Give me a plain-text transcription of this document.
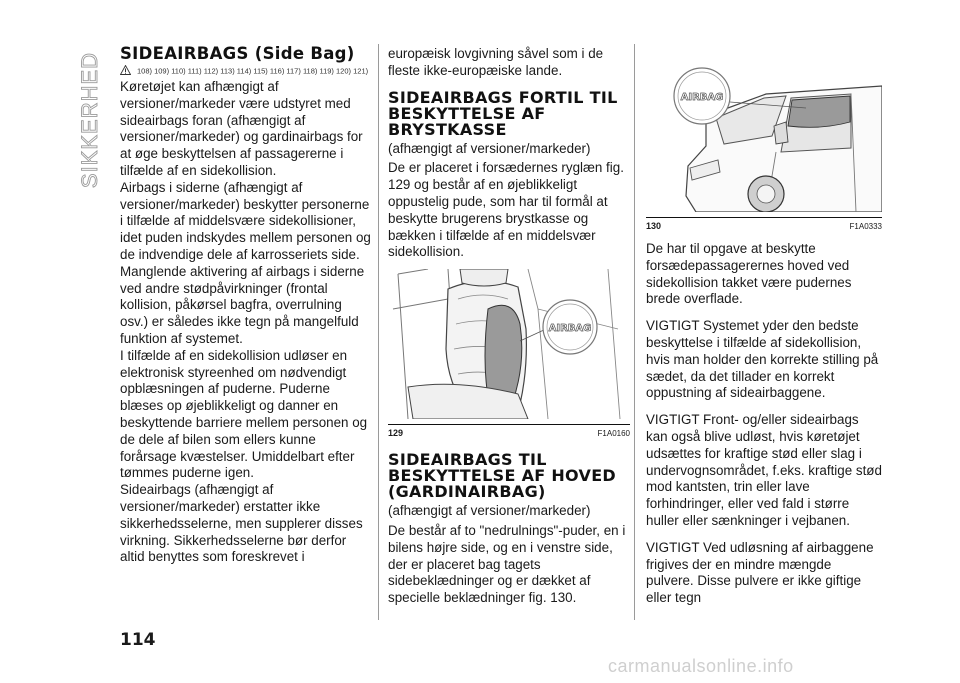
SIKKERHED SIDEAIRBAGS (Side Bag)
108) 109) 110) 111) 112) 113) 114) 115) 116) 117) 118) 119) 120) 121)

Køretøjet kan afhængigt af versioner/markeder være udstyret med sideairbags foran (afhængigt af versioner/markeder) og gardinairbags for at øge beskyttelsen af passagererne i tilfælde af en sidekollision.

Airbags i siderne (afhængigt af versioner/markeder) beskytter personerne i tilfælde af middelsvære sidekollisioner, idet puden indskydes mellem personen og de indvendige dele af karrosseriets side. Manglende aktivering af airbags i siderne ved andre stødpåvirkninger (frontal kollision, påkørsel bagfra, overrulning osv.) er således ikke tegn på mangelfuld funktion af systemet.

I tilfælde af en sidekollision udløser en elektronisk styreenhed om nødvendigt opblæsningen af puderne. Puderne blæses op øjeblikkeligt og danner en beskyttende barriere mellem personen og de dele af bilen som ellers kunne forårsage kvæstelser. Umiddelbart efter tømmes puderne igen.

Sideairbags (afhængigt af versioner/markeder) erstatter ikke sikkerhedsselerne, men supplerer disses virkning. Sikkerhedsselerne bør derfor altid benyttes som foreskrevet i

europæisk lovgivning såvel som i de fleste ikke-europæiske lande.

SIDEAIRBAGS FORTIL TIL BESKYTTELSE AF BRYSTKASSE

(afhængigt af versioner/markeder)

De er placeret i forsædernes ryglæn fig. 129 og består af en øjeblikkeligt oppustelig pude, som har til formål at beskytte brugerens brystkasse og bækken i tilfælde af en middelsvær sidekollision.

AIRBAG
129	F1A0160
SIDEAIRBAGS TIL BESKYTTELSE AF HOVED (GARDINAIRBAG)

(afhængigt af versioner/markeder)

De består af to "nedrulnings"-puder, en i bilens højre side, og en i venstre side, der er placeret bag tagets sidebeklædninger og er dækket af specielle beklædninger fig. 130.

AIRBAG
130	F1A0333

De har til opgave at beskytte forsædepassagerernes hoved ved sidekollision takket være pudernes brede overflade.

VIGTIGT Systemet yder den bedste beskyttelse i tilfælde af sidekollision, hvis man holder den korrekte stilling på sædet, da det tillader en korrekt oppustning af sideairbaggene.

VIGTIGT Front- og/eller sideairbags kan også blive udløst, hvis køretøjet udsættes for kraftige stød eller slag i undervognsområdet, f.eks. kraftige stød mod kantsten, trin eller lave forhindringer, eller ved fald i større huller eller sænkninger i vejbanen.

VIGTIGT Ved udløsning af airbaggene frigives der en mindre mængde pulvere. Disse pulvere er ikke giftige eller tegn

114
carmanualsonline.info
